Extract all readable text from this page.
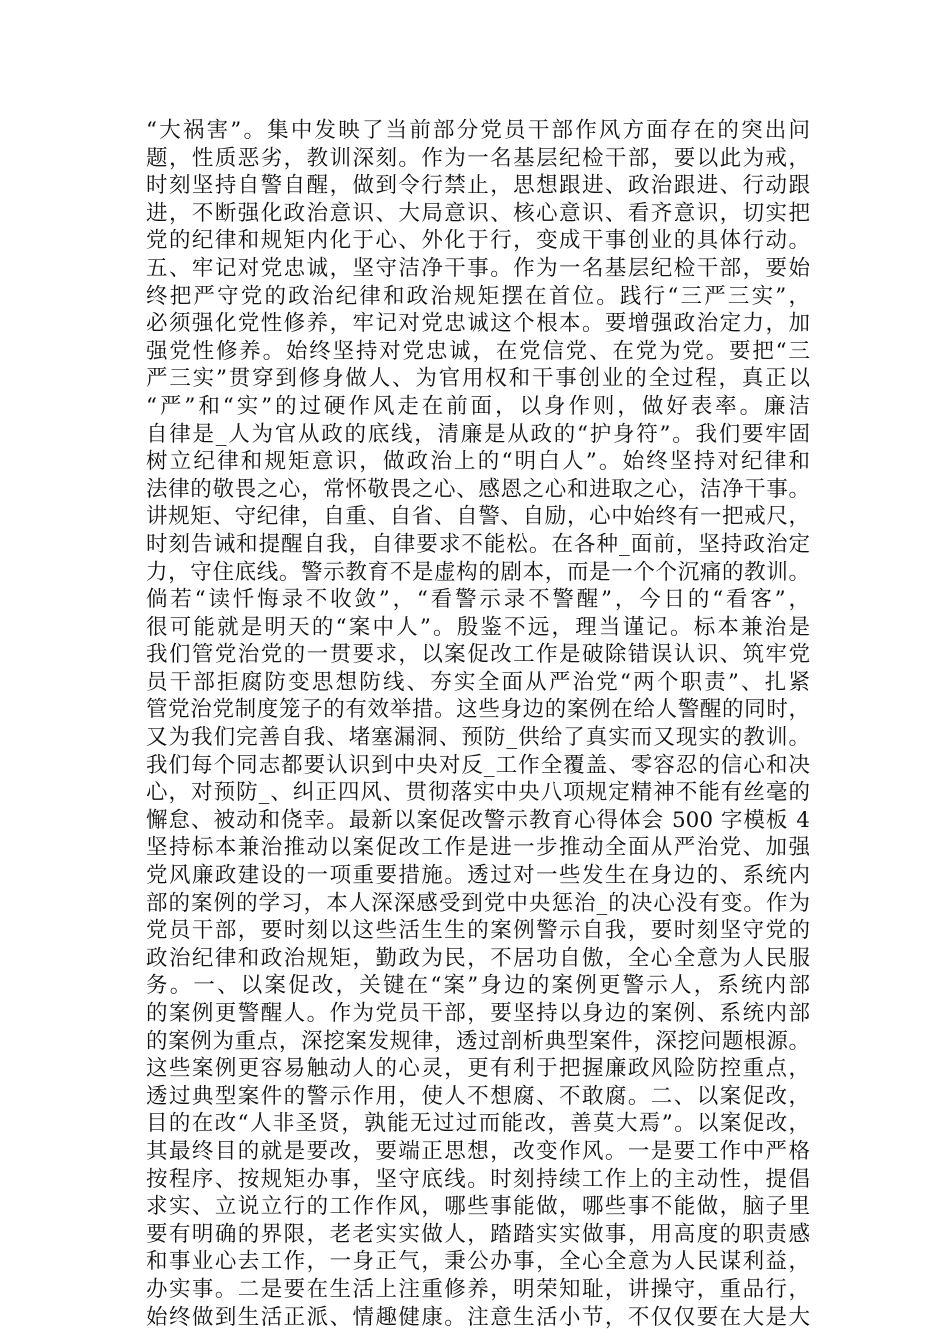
“大祸害”。集中发映了当前部分党员干部作风方面存在的突出问
题，性质恶劣，教训深刻。作为一名基层纪检干部，要以此为戒，
时刻坚持自警自醒，做到令行禁止，思想跟进、政治跟进、行动跟
进，不断强化政治意识、大局意识、核心意识、看齐意识，切实把
党的纪律和规矩内化于心、外化于行，变成干事创业的具体行动。
五、牢记对党忠诚，坚守洁净干事。作为一名基层纪检干部，要始
终把严守党的政治纪律和政治规矩摆在首位。践行“三严三实”，
必须强化党性修养，牢记对党忠诚这个根本。要增强政治定力，加
强党性修养。始终坚持对党忠诚，在党信党、在党为党。要把“三
严三实”贯穿到修身做人、为官用权和干事创业的全过程，真正以
“严”和“实”的过硬作风走在前面，以身作则，做好表率。廉洁
自律是_人为官从政的底线，清廉是从政的“护身符”。我们要牢固
树立纪律和规矩意识，做政治上的“明白人”。始终坚持对纪律和
法律的敬畏之心，常怀敬畏之心、感恩之心和进取之心，洁净干事。
讲规矩、守纪律，自重、自省、自警、自励，心中始终有一把戒尺，
时刻告诫和提醒自我，自律要求不能松。在各种_面前，坚持政治定
力，守住底线。警示教育不是虚构的剧本，而是一个个沉痛的教训。
倘若“读忏悔录不收敛”，“看警示录不警醒”，今日的“看客”，
很可能就是明天的“案中人”。殷鉴不远，理当谨记。标本兼治是
我们管党治党的一贯要求，以案促改工作是破除错误认识、筑牢党
员干部拒腐防变思想防线、夯实全面从严治党“两个职责”、扎紧
管党治党制度笼子的有效举措。这些身边的案例在给人警醒的同时，
又为我们完善自我、堵塞漏洞、预防_供给了真实而又现实的教训。
我们每个同志都要认识到中央对反_工作全覆盖、零容忍的信心和决
心，对预防_、纠正四风、贯彻落实中央八项规定精神不能有丝毫的
懈怠、被动和侥幸。最新以案促改警示教育心得体会 500 字模板 4
坚持标本兼治推动以案促改工作是进一步推动全面从严治党、加强
党风廉政建设的一项重要措施。透过对一些发生在身边的、系统内
部的案例的学习，本人深深感受到党中央惩治_的决心没有变。作为
党员干部，要时刻以这些活生生的案例警示自我，要时刻坚守党的
政治纪律和政治规矩，勤政为民，不居功自傲，全心全意为人民服
务。一、以案促改，关键在“案”身边的案例更警示人，系统内部
的案例更警醒人。作为党员干部，要坚持以身边的案例、系统内部
的案例为重点，深挖案发规律，透过剖析典型案件，深挖问题根源。
这些案例更容易触动人的心灵，更有利于把握廉政风险防控重点，
透过典型案件的警示作用，使人不想腐、不敢腐。二、以案促改，
目的在改“人非圣贤，孰能无过过而能改，善莫大焉”。以案促改，
其最终目的就是要改，要端正思想，改变作风。一是要工作中严格
按程序、按规矩办事，坚守底线。时刻持续工作上的主动性，提倡
求实、立说立行的工作作风，哪些事能做，哪些事不能做，脑子里
要有明确的界限，老老实实做人，踏踏实实做事，用高度的职责感
和事业心去工作，一身正气，秉公办事，全心全意为人民谋利益，
办实事。二是要在生活上注重修养，明荣知耻，讲操守，重品行，
始终做到生活正派、情趣健康。注意生活小节，不仅仅要在大是大
